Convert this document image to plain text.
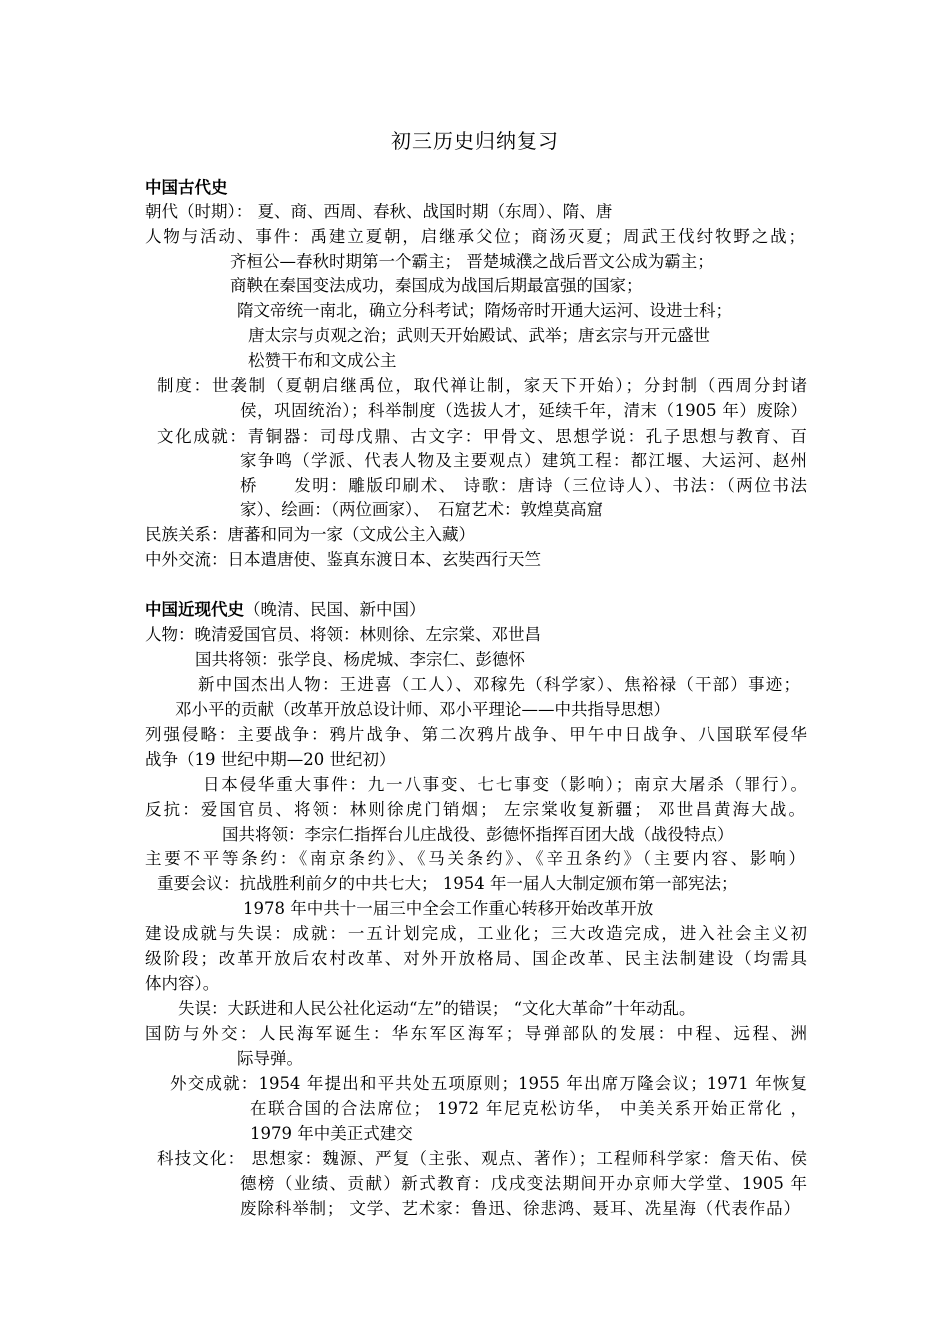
初三历史归纳复习
中国古代史
朝代（时期）： 夏、商、西周、春秋、战国时期（东周）、隋、唐
人物与活动、事件：禹建立夏朝，启继承父位；商汤灭夏；周武王伐纣牧野之战；
齐桓公—春秋时期第一个霸主； 晋楚城濮之战后晋文公成为霸主；
商鞅在秦国变法成功，秦国成为战国后期最富强的国家；
隋文帝统一南北，确立分科考试；隋炀帝时开通大运河、设进士科；
唐太宗与贞观之治；武则天开始殿试、武举；唐玄宗与开元盛世
松赞干布和文成公主
制度：世袭制（夏朝启继禹位，取代禅让制，家天下开始）；分封制（西周分封诸
侯，巩固统治）；科举制度（选拔人才，延续千年，清末（1905 年）废除）
文化成就：青铜器：司母戊鼎、古文字：甲骨文、思想学说：孔子思想与教育、百
家争鸣（学派、代表人物及主要观点）建筑工程：都江堰、大运河、赵州
桥　　发明：雕版印刷术、 诗歌：唐诗（三位诗人）、书法：（两位书法
家）、绘画：（两位画家）、　石窟艺术：敦煌莫高窟
民族关系：唐蕃和同为一家（文成公主入藏）
中外交流：日本遣唐使、鉴真东渡日本、玄奘西行天竺
中国近现代史（晚清、民国、新中国）
人物：晚清爱国官员、将领：林则徐、左宗棠、邓世昌
国共将领：张学良、杨虎城、李宗仁、彭德怀
新中国杰出人物：王进喜（工人）、邓稼先（科学家）、焦裕禄（干部）事迹；
邓小平的贡献（改革开放总设计师、邓小平理论——中共指导思想）
列强侵略：主要战争：鸦片战争、第二次鸦片战争、甲午中日战争、八国联军侵华
战争（19 世纪中期—20 世纪初）
日本侵华重大事件：九一八事变、七七事变（影响）；南京大屠杀（罪行）。
反抗：爱国官员、将领：林则徐虎门销烟； 左宗棠收复新疆； 邓世昌黄海大战。
国共将领：李宗仁指挥台儿庄战役、彭德怀指挥百团大战（战役特点）
主要不平等条约：《南京条约》、《马关条约》、《辛丑条约》（主要内容、影响）
重要会议：抗战胜利前夕的中共七大； 1954 年一届人大制定颁布第一部宪法；
1978 年中共十一届三中全会工作重心转移开始改革开放
建设成就与失误：成就：一五计划完成，工业化；三大改造完成，进入社会主义初
级阶段；改革开放后农村改革、对外开放格局、国企改革、民主法制建设（均需具
体内容）。
失误：大跃进和人民公社化运动“左”的错误； “文化大革命”十年动乱。
国防与外交：人民海军诞生：华东军区海军；导弹部队的发展：中程、远程、洲
际导弹。
外交成就：1954 年提出和平共处五项原则；1955 年出席万隆会议；1971 年恢复
在联合国的合法席位； 1972 年尼克松访华， 中美关系开始正常化 ，
1979 年中美正式建交
科技文化： 思想家：魏源、严复（主张、观点、著作）；工程师科学家：詹天佑、侯
德榜（业绩、贡献）新式教育：戊戌变法期间开办京师大学堂、1905 年
废除科举制； 文学、艺术家：鲁迅、徐悲鸿、聂耳、冼星海（代表作品）
